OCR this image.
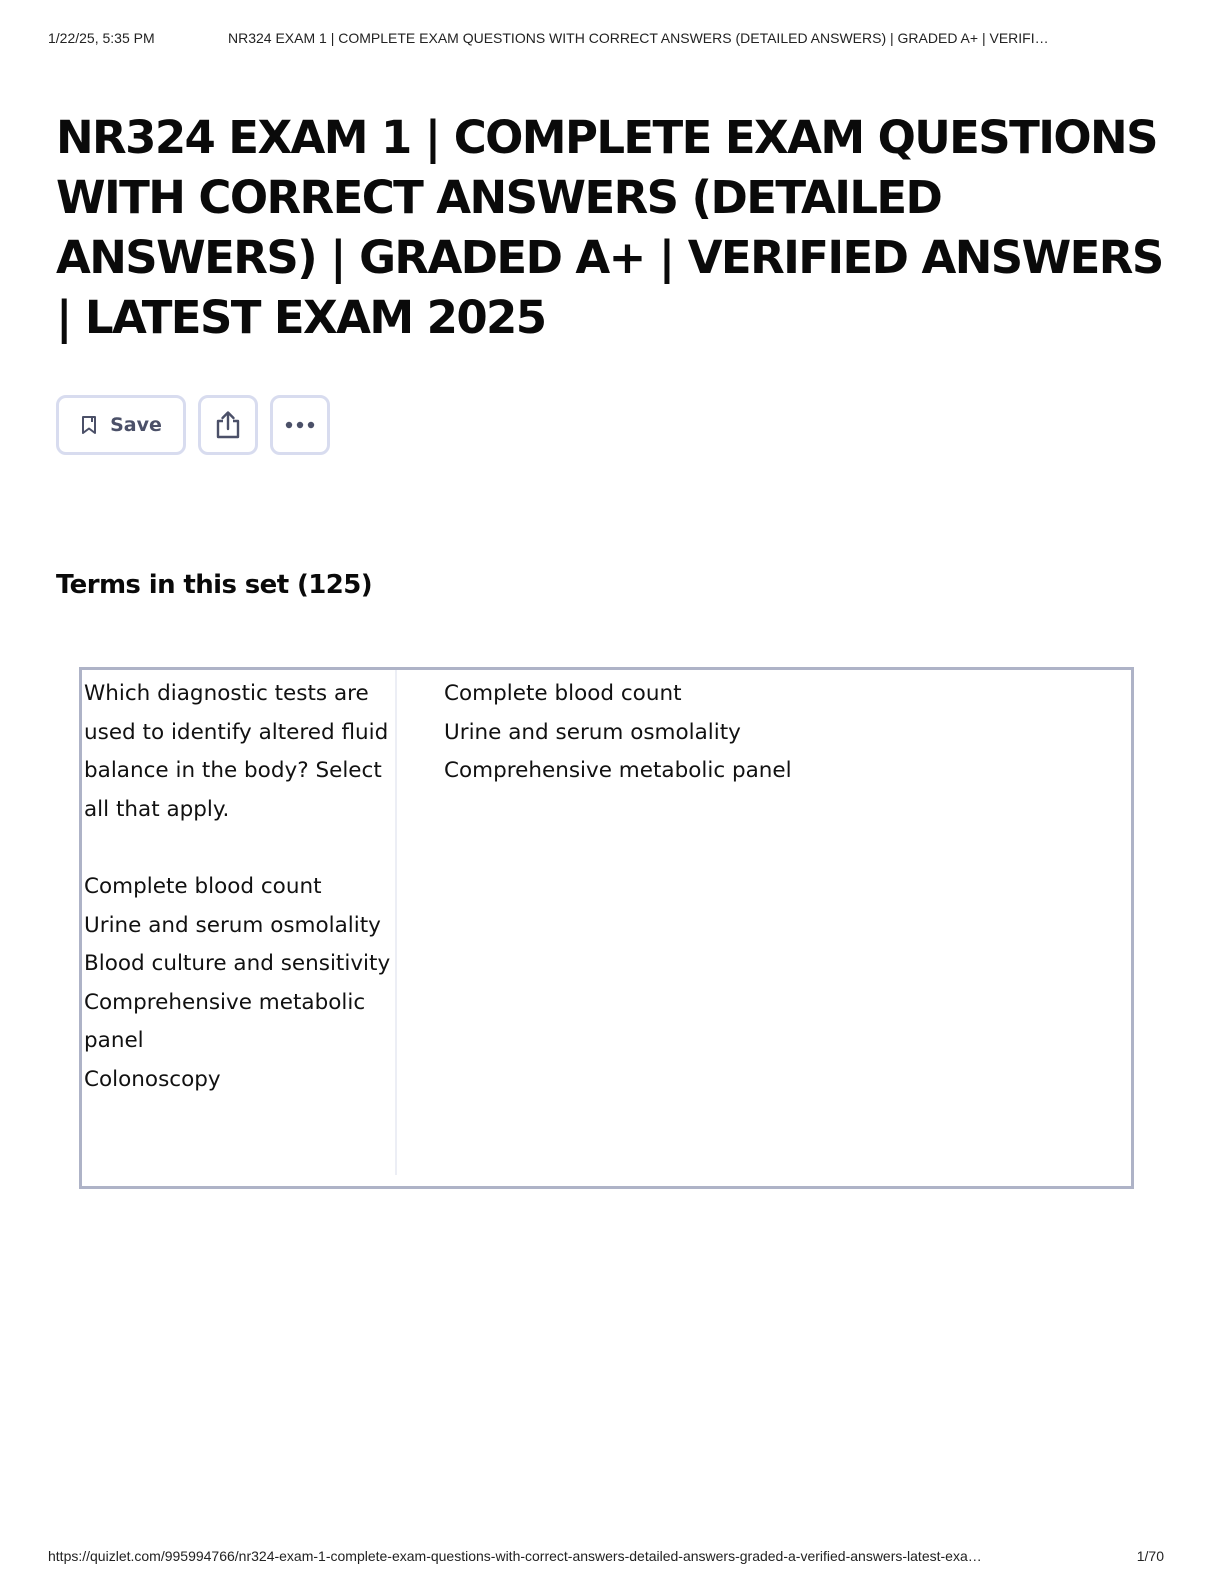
1/22/25, 5:35 PM	NR324 EXAM 1 | COMPLETE EXAM QUESTIONS WITH CORRECT ANSWERS (DETAILED ANSWERS) | GRADED A+ | VERIFI…
NR324 EXAM 1 | COMPLETE EXAM QUESTIONS WITH CORRECT ANSWERS (DETAILED ANSWERS) | GRADED A+ | VERIFIED ANSWERS | LATEST EXAM 2025
Save
Terms in this set (125)
Which diagnostic tests are used to identify altered fluid balance in the body? Select all that apply.
Complete blood count
Urine and serum osmolality
Blood culture and sensitivity
Comprehensive metabolic panel
Colonoscopy
Complete blood count
Urine and serum osmolality
Comprehensive metabolic panel
https://quizlet.com/995994766/nr324-exam-1-complete-exam-questions-with-correct-answers-detailed-answers-graded-a-verified-answers-latest-exa…	1/70
